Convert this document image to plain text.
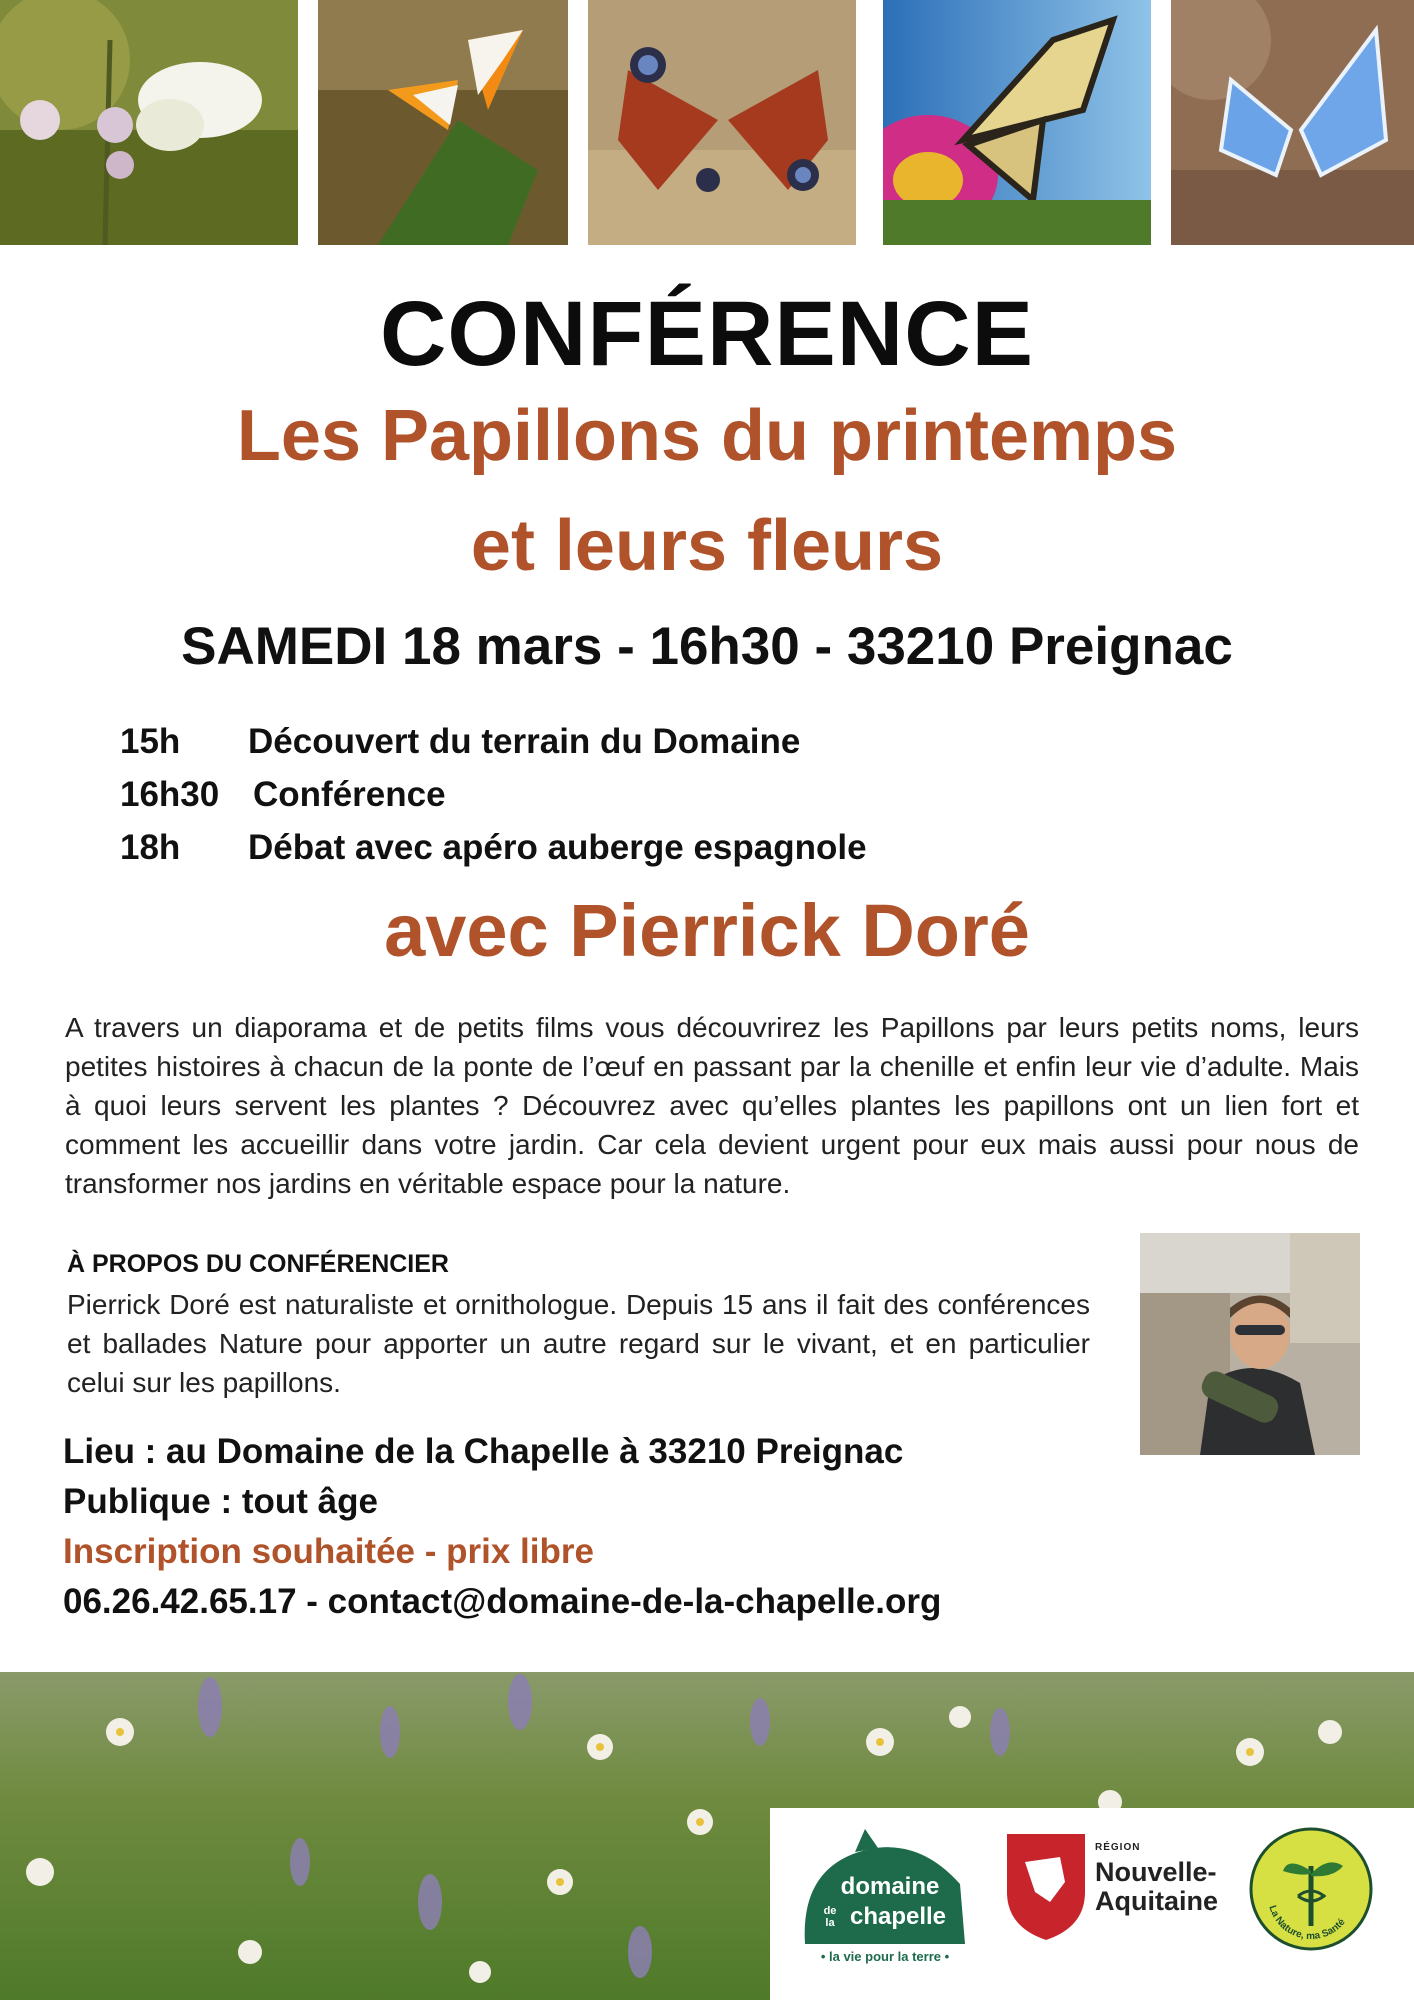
CONFÉRENCE
Les Papillons du printemps
et leurs fleurs
SAMEDI 18 mars - 16h30 - 33210 Preignac
15h Découvert du terrain du Domaine
16h30 Conférence
18h Débat avec apéro auberge espagnole
avec Pierrick Doré

A travers un diaporama et de petits films vous découvrirez les Papillons par leurs petits noms, leurs petites histoires à chacun de la ponte de l’œuf en passant par la chenille et enfin leur vie d’adulte. Mais à quoi leurs servent les plantes ? Découvrez avec qu’elles plantes les papillons ont un lien fort et comment les accueillir dans votre jardin. Car cela devient urgent pour eux mais aussi pour nous de transformer nos jardins en véritable espace pour la nature.

À PROPOS DU CONFÉRENCIER

Pierrick Doré est naturaliste et ornithologue. Depuis 15 ans il fait des conférences et ballades Nature pour apporter un autre regard sur le vivant, et en particulier celui sur les papillons.

Lieu : au Domaine de la Chapelle à 33210 Preignac
Publique : tout âge
Inscription souhaitée - prix libre
06.26.42.65.17 - contact@domaine-de-la-chapelle.org
domaine
de
la chapelle
• la vie pour la terre •
RÉGION
Nouvelle-
Aquitaine	La Nature, ma Santé
